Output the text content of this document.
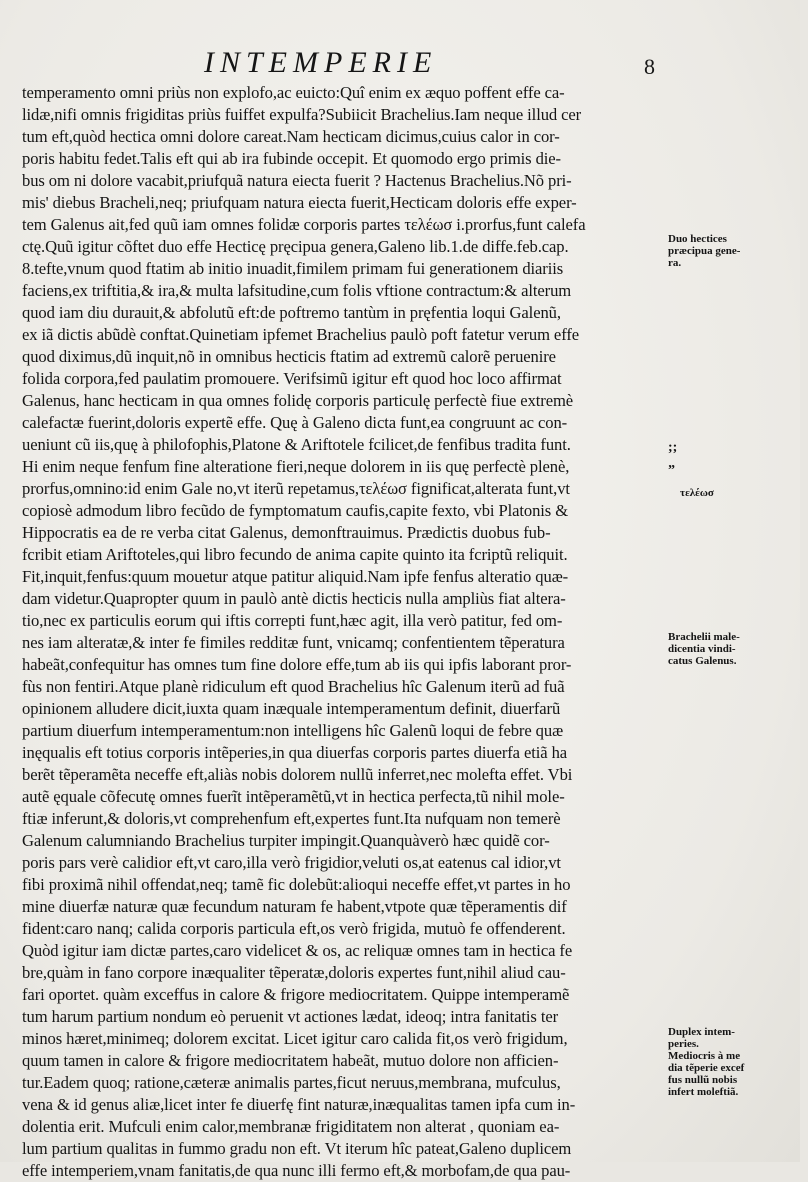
INTEMPERIE	8
temperamento omni priùs non explofo,ac euicto:Quî enim ex æquo poffent effe ca-
lidæ,nifi omnis frigiditas priùs fuiffet expulfa?Subiicit Brachelius.Iam neque illud cer
tum eft,quòd hectica omni dolore careat.Nam hecticam dicimus,cuius calor in cor-
poris habitu fedet.Talis eft qui ab ira fubinde occepit. Et quomodo ergo primis die-
bus om ni dolore vacabit,priufquã natura eiecta fuerit ? Hactenus Brachelius.Nõ pri-
mis' diebus Bracheli,neq; priufquam natura eiecta fuerit,Hecticam doloris effe exper-
tem Galenus ait,fed quũ iam omnes folidæ corporis partes τελέωσ i.prorfus,funt calefa
ctę.Quũ igitur cõftet duo effe Hecticę pręcipua genera,Galeno lib.1.de diffe.feb.cap.
8.tefte,vnum quod ftatim ab initio inuadit,fimilem primam fui generationem diariis
faciens,ex triftitia,& ira,& multa lafsitudine,cum folis vftione contractum:& alterum
quod iam diu durauit,& abfolutũ eft:de poftremo tantùm in pręfentia loqui Galenũ,
ex iã dictis abũdè conftat.Quinetiam ipfemet Brachelius paulò poft fatetur verum effe
quod diximus,dũ inquit,nõ in omnibus hecticis ftatim ad extremũ calorẽ peruenire
folida corpora,fed paulatim promouere. Verifsimũ igitur eft quod hoc loco affirmat
Galenus, hanc hecticam in qua omnes folidę corporis particulę perfectè fiue extremè
calefactæ fuerint,doloris expertẽ effe. Quę à Galeno dicta funt,ea congruunt ac con-
ueniunt cũ iis,quę à philofophis,Platone & Ariftotele fcilicet,de fenfibus tradita funt.
Hi enim neque fenfum fine alteratione fieri,neque dolorem in iis quę perfectè plenè,
prorfus,omnino:id enim Gale no,vt iterũ repetamus,τελέωσ fignificat,alterata funt,vt
copiosè admodum libro fecũdo de fymptomatum caufis,capite fexto, vbi Platonis &
Hippocratis ea de re verba citat Galenus, demonftrauimus. Prædictis duobus fub-
fcribit etiam Ariftoteles,qui libro fecundo de anima capite quinto ita fcriptũ reliquit.
Fit,inquit,fenfus:quum mouetur atque patitur aliquid.Nam ipfe fenfus alteratio quæ-
dam videtur.Quapropter quum in paulò antè dictis hecticis nulla ampliùs fiat altera-
tio,nec ex particulis eorum qui iftis correpti funt,hæc agit, illa verò patitur, fed om-
nes iam alteratæ,& inter fe fimiles redditæ funt, vnicamq; confentientem tẽperatura
habeãt,confequitur has omnes tum fine dolore effe,tum ab iis qui ipfis laborant pror-
fùs non fentiri.Atque planè ridiculum eft quod Brachelius hîc Galenum iterũ ad fuã
opinionem alludere dicit,iuxta quam inæquale intemperamentum definit, diuerfarũ
partium diuerfum intemperamentum:non intelligens hîc Galenũ loqui de febre quæ
inęqualis eft totius corporis intẽperies,in qua diuerfas corporis partes diuerfa etiã ha
berẽt tẽperamẽta neceffe eft,aliàs nobis dolorem nullũ inferret,nec molefta effet. Vbi
autẽ ęquale cõfecutę omnes fuerĩt intẽperamẽtũ,vt in hectica perfecta,tũ nihil mole-
ftiæ inferunt,& doloris,vt comprehenfum eft,expertes funt.Ita nufquam non temerè
Galenum calumniando Brachelius turpiter impingit.Quanquàverò hæc quidẽ cor-
poris pars verè calidior eft,vt caro,illa verò frigidior,veluti os,at eatenus cal idior,vt
fibi proximã nihil offendat,neq; tamẽ fic dolebũt:alioqui neceffe effet,vt partes in ho
mine diuerfæ naturæ quæ fecundum naturam fe habent,vtpote quæ tẽperamentis dif
fident:caro nanq; calida corporis particula eft,os verò frigida, mutuò fe offenderent.
Quòd igitur iam dictæ partes,caro videlicet & os, ac reliquæ omnes tam in hectica fe
bre,quàm in fano corpore inæqualiter tẽperatæ,doloris expertes funt,nihil aliud cau-
fari oportet. quàm exceffus in calore & frigore mediocritatem. Quippe intemperamẽ
tum harum partium nondum eò peruenit vt actiones lædat, ideoq; intra fanitatis ter
minos hæret,minimeq; dolorem excitat. Licet igitur caro calida fit,os verò frigidum,
quum tamen in calore & frigore mediocritatem habeãt, mutuo dolore non afficien-
tur.Eadem quoq; ratione,cæteræ animalis partes,ficut neruus,membrana, mufculus,
vena & id genus aliæ,licet inter fe diuerfę fint naturæ,inæqualitas tamen ipfa cum in-
dolentia erit. Mufculi enim calor,membranæ frigiditatem non alterat , quoniam ea-
lum partium qualitas in fummo gradu non eft. Vt iterum hîc pateat,Galeno duplicem
effe intemperiem,vnam fanitatis,de qua nunc illi fermo eft,& morbofam,de qua pau-

Duo hectices
præcipua gene-
ra.
;;
”
τελέωσ
Brachelii male-
dicentia vindi-
catus Galenus.
Duplex intem-
peries.
Mediocris à me
dia tẽperie excef
fus nullũ nobis
infert moleftiã.
